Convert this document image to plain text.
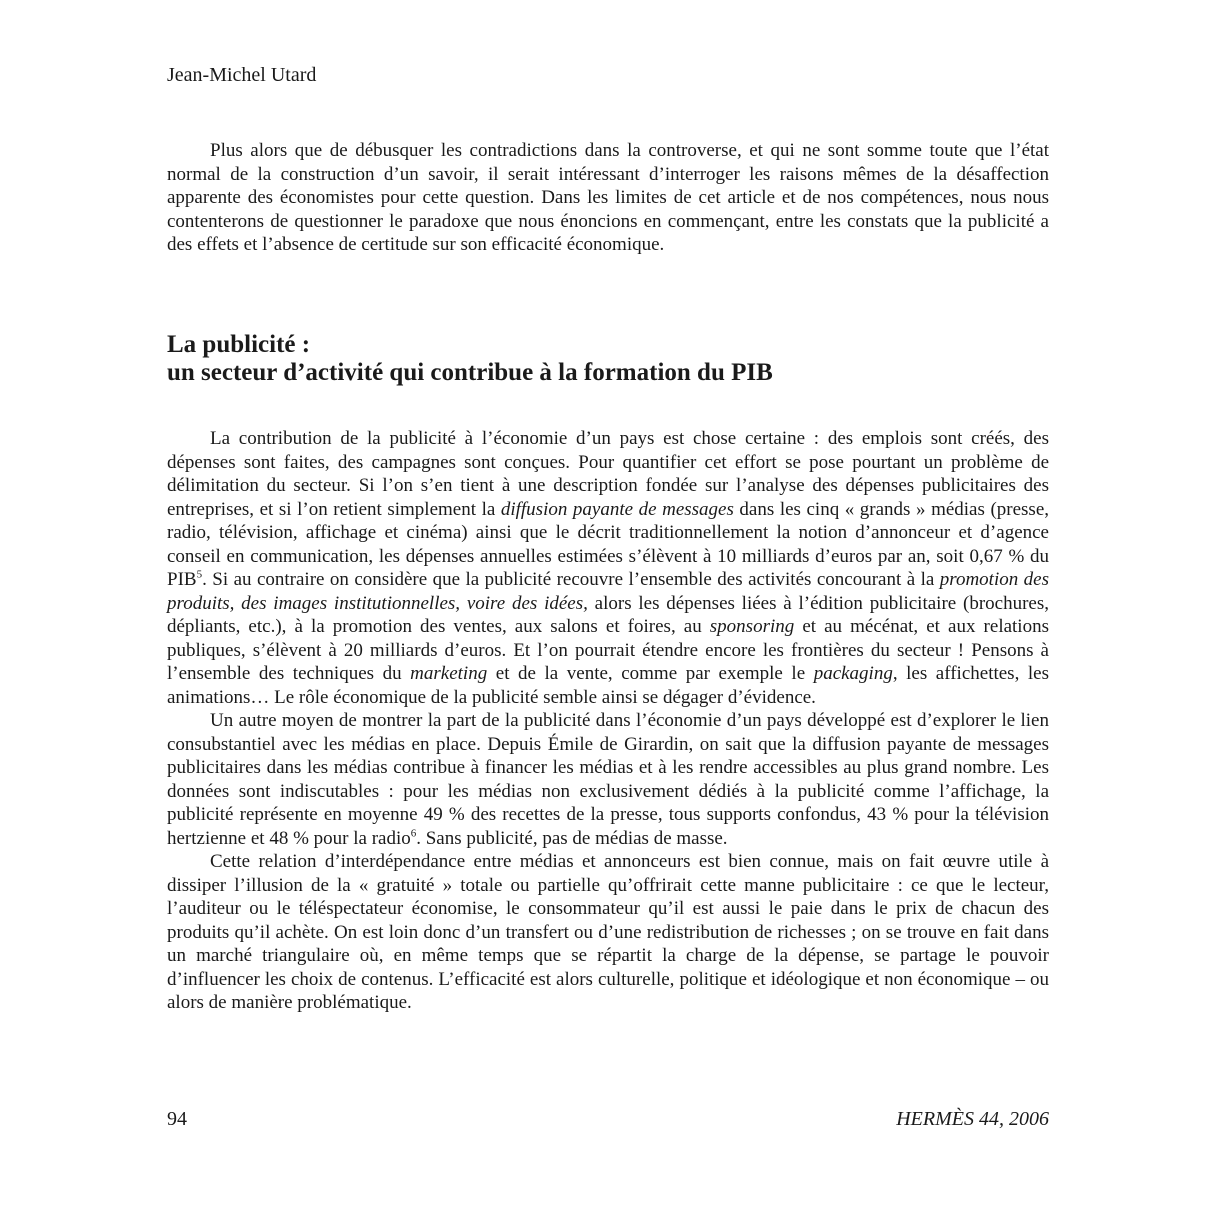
Jean-Michel Utard

Plus alors que de débusquer les contradictions dans la controverse, et qui ne sont somme toute que l’état normal de la construction d’un savoir, il serait intéressant d’interroger les raisons mêmes de la désaffection apparente des économistes pour cette question. Dans les limites de cet article et de nos compétences, nous nous contenterons de questionner le paradoxe que nous énoncions en commençant, entre les constats que la publicité a des effets et l’absence de certitude sur son efficacité économique.

La publicité :
un secteur d’activité qui contribue à la formation du PIB

La contribution de la publicité à l’économie d’un pays est chose certaine : des emplois sont créés, des dépenses sont faites, des campagnes sont conçues. Pour quantifier cet effort se pose pourtant un problème de délimitation du secteur. Si l’on s’en tient à une description fondée sur l’analyse des dépenses publicitaires des entreprises, et si l’on retient simplement la diffusion payante de messages dans les cinq « grands » médias (presse, radio, télévision, affichage et cinéma) ainsi que le décrit traditionnellement la notion d’annonceur et d’agence conseil en communication, les dépenses annuelles estimées s’élèvent à 10 milliards d’euros par an, soit 0,67 % du PIB$^5$. Si au contraire on considère que la publicité recouvre l’ensemble des activités concourant à la promotion des produits, des images institutionnelles, voire des idées, alors les dépenses liées à l’édition publicitaire (brochures, dépliants, etc.), à la promotion des ventes, aux salons et foires, au sponsoring et au mécénat, et aux relations publiques, s’élèvent à 20 milliards d’euros. Et l’on pourrait étendre encore les frontières du secteur ! Pensons à l’ensemble des techniques du marketing et de la vente, comme par exemple le packaging, les affichettes, les animations… Le rôle économique de la publicité semble ainsi se dégager d’évidence.

Un autre moyen de montrer la part de la publicité dans l’économie d’un pays développé est d’explorer le lien consubstantiel avec les médias en place. Depuis Émile de Girardin, on sait que la diffusion payante de messages publicitaires dans les médias contribue à financer les médias et à les rendre accessibles au plus grand nombre. Les données sont indiscutables : pour les médias non exclusivement dédiés à la publicité comme l’affichage, la publicité représente en moyenne 49 % des recettes de la presse, tous supports confondus, 43 % pour la télévision hertzienne et 48 % pour la radio$^6$. Sans publicité, pas de médias de masse.

Cette relation d’interdépendance entre médias et annonceurs est bien connue, mais on fait œuvre utile à dissiper l’illusion de la « gratuité » totale ou partielle qu’offrirait cette manne publicitaire : ce que le lecteur, l’auditeur ou le téléspectateur économise, le consommateur qu’il est aussi le paie dans le prix de chacun des produits qu’il achète. On est loin donc d’un transfert ou d’une redistribution de richesses ; on se trouve en fait dans un marché triangulaire où, en même temps que se répartit la charge de la dépense, se partage le pouvoir d’influencer les choix de contenus. L’efficacité est alors culturelle, politique et idéologique et non économique – ou alors de manière problématique.

94	HERMÈS 44, 2006
